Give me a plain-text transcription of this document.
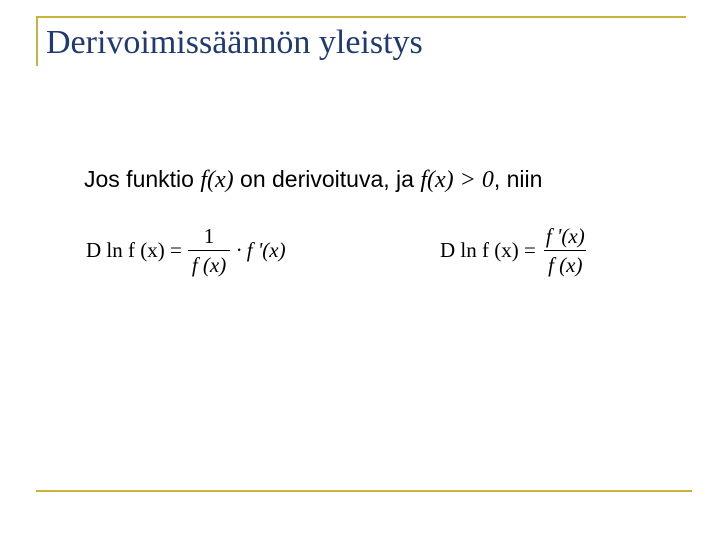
Derivoimissäännön yleistys
Jos funktio f(x) on derivoituva, ja f(x) > 0, niin
D ln f $(x) = \frac{1}{f (x)} \cdot f$ '(x)	D ln f $(x) = \frac{f '(x)}{f (x)}$
